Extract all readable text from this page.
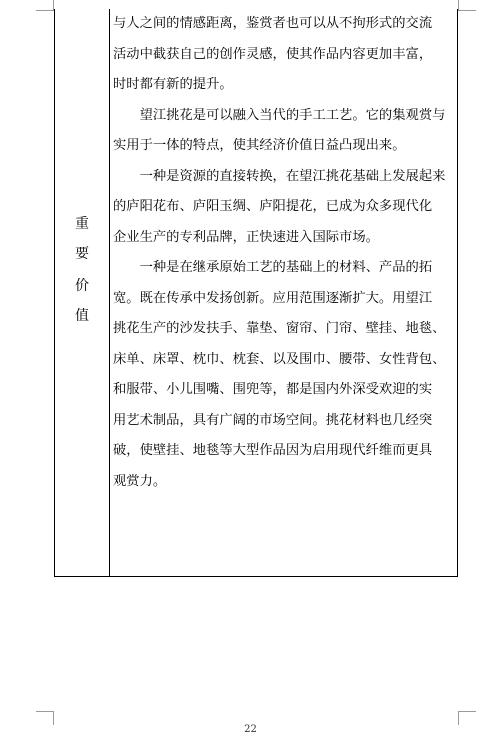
重
要
价
值
与人之间的情感距离，鉴赏者也可以从不拘形式的交流
活动中截获自己的创作灵感，使其作品内容更加丰富，
时时都有新的提升。
　　望江挑花是可以融入当代的手工工艺。它的集观赏与
实用于一体的特点，使其经济价值日益凸现出来。
　　一种是资源的直接转换，在望江挑花基础上发展起来
的庐阳花布、庐阳玉绸、庐阳提花，已成为众多现代化
企业生产的专利品牌，正快速进入国际市场。
　　一种是在继承原始工艺的基础上的材料、产品的拓
宽。既在传承中发扬创新。应用范围逐渐扩大。用望江
挑花生产的沙发扶手、靠垫、窗帘、门帘、壁挂、地毯、
床单、床罩、枕巾、枕套、以及围巾、腰带、女性背包、
和服带、小儿围嘴、围兜等，都是国内外深受欢迎的实
用艺术制品，具有广阔的市场空间。挑花材料也几经突
破，使壁挂、地毯等大型作品因为启用现代纤维而更具
观赏力。
22
